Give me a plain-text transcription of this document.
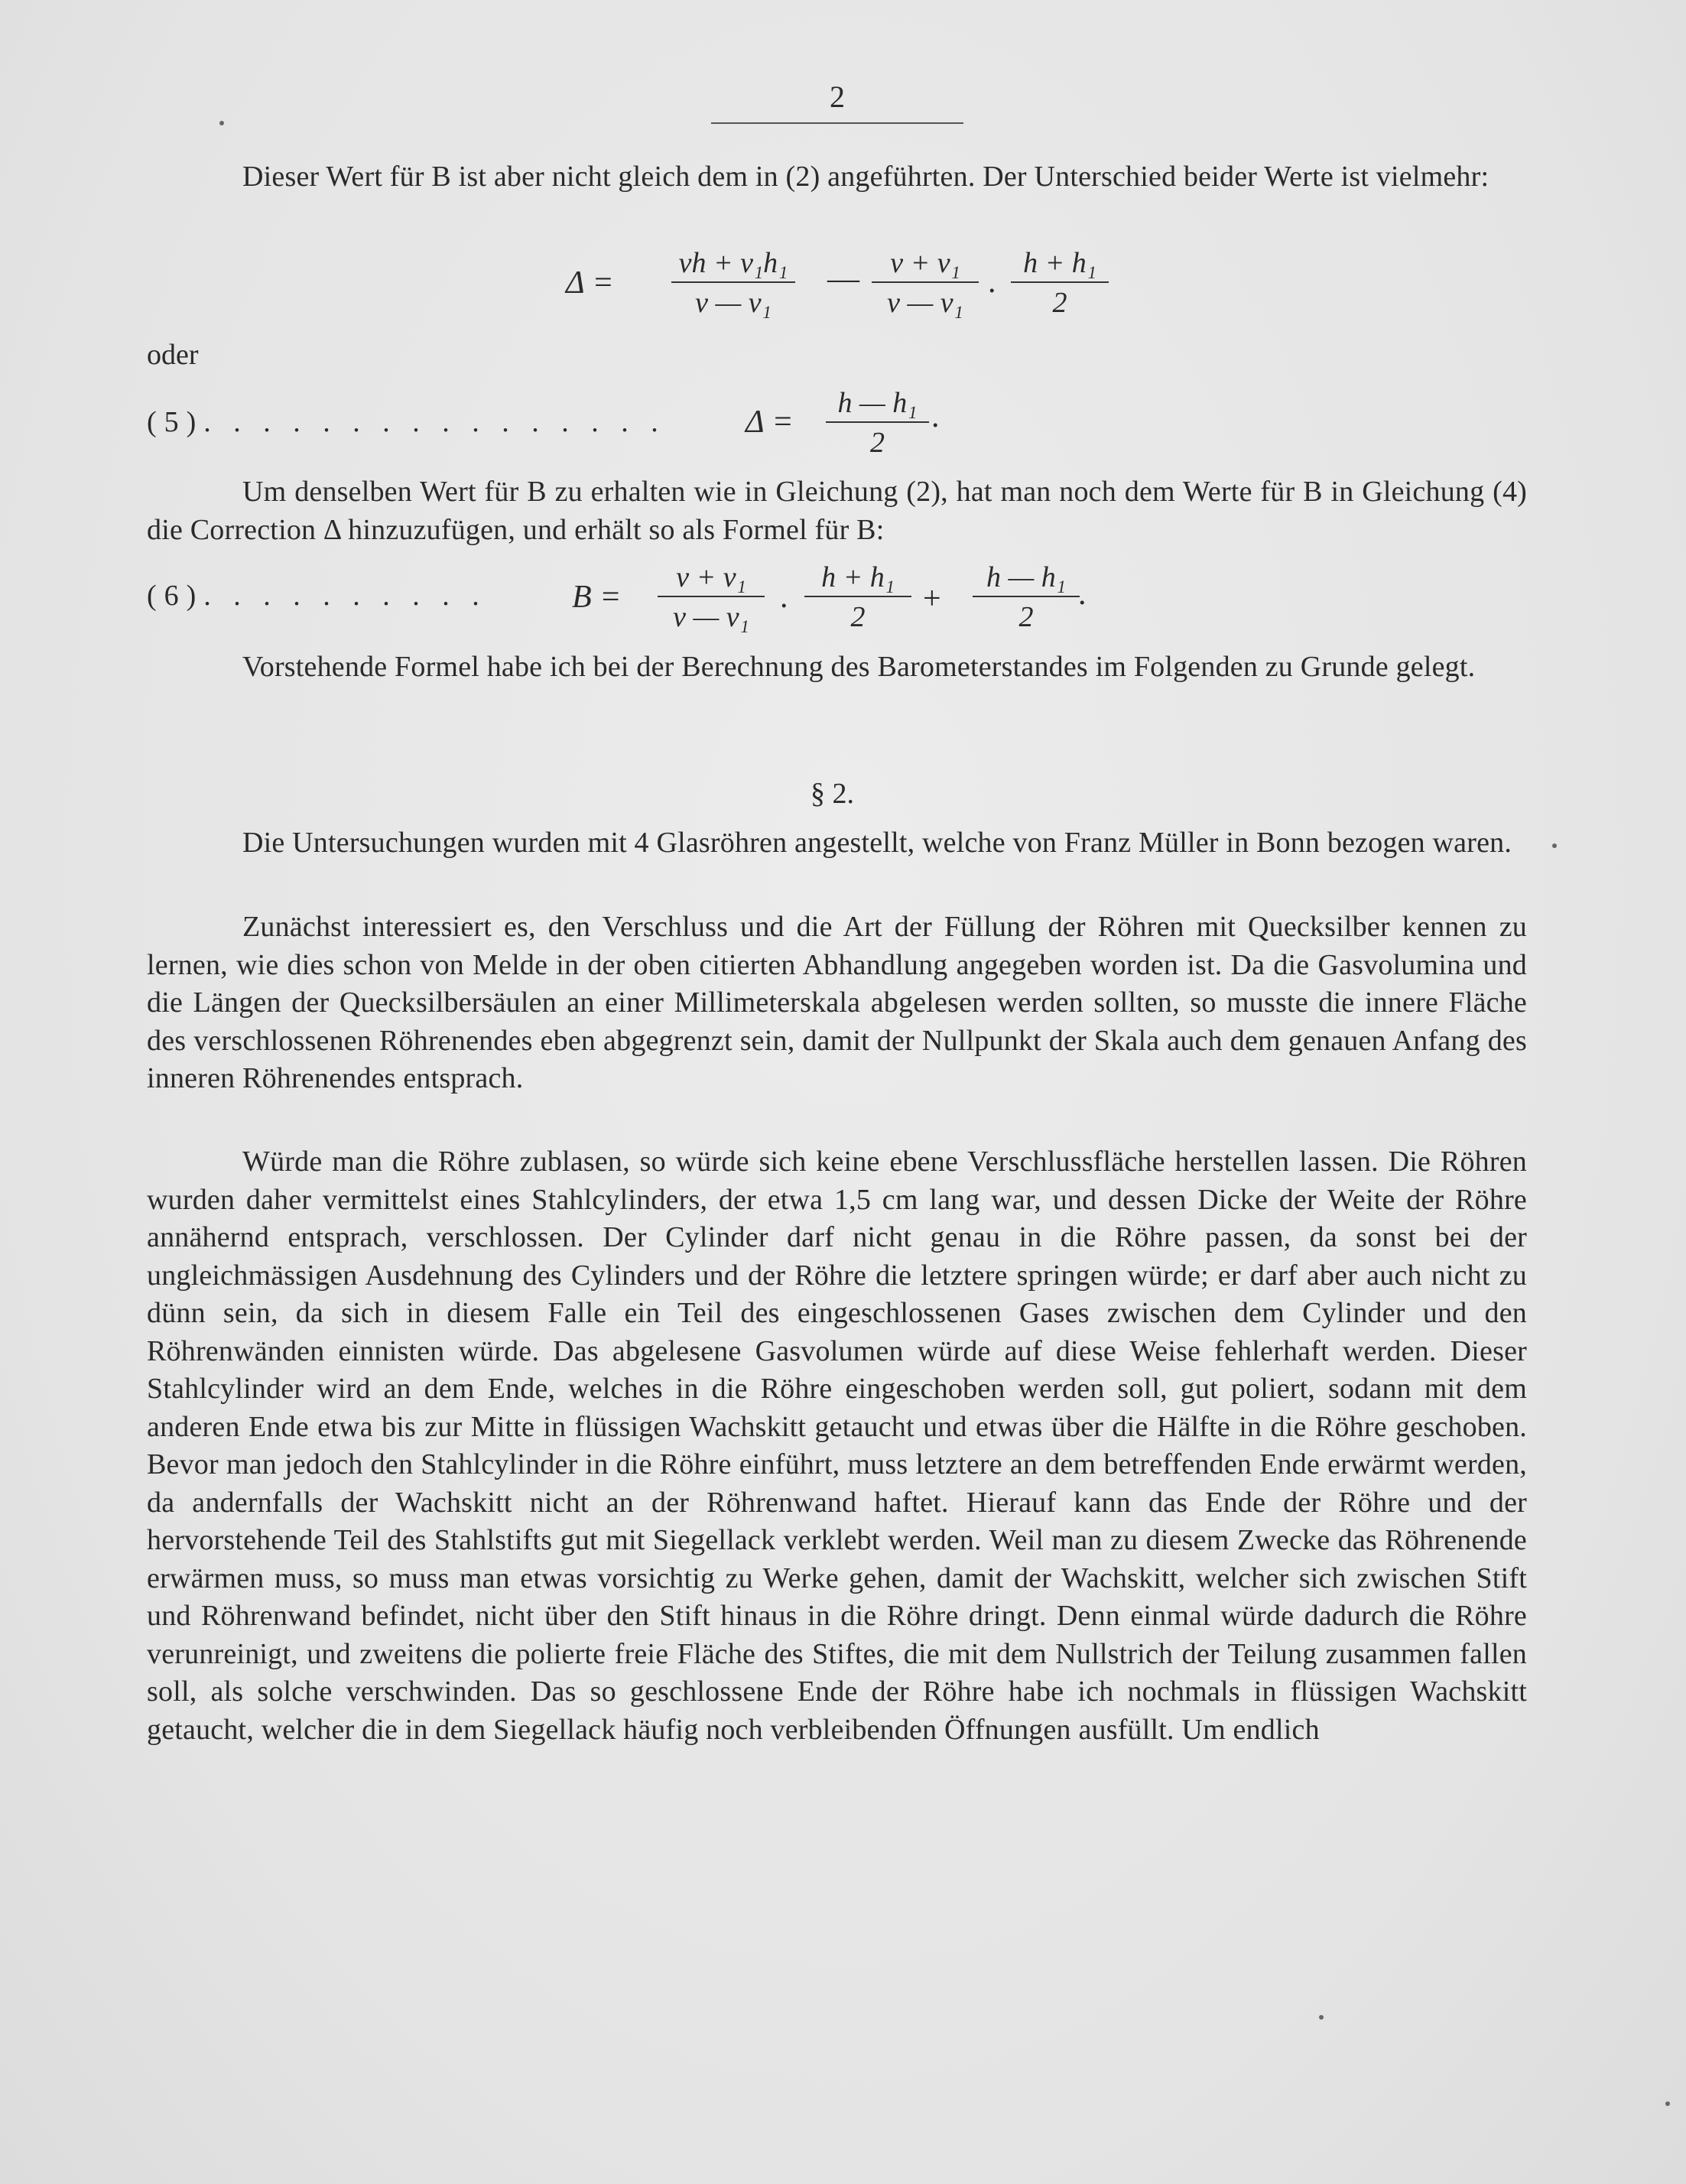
2
Dieser Wert für B ist aber nicht gleich dem in (2) angeführten. Der Unterschied beider Werte ist vielmehr:
Δ =
vh + v₁h₁
v — v₁
—	v + v₁
v — v₁
.
h + h₁
2
oder
(5). . . . . . . . . . . . . . . . Δ =
h — h₁
2
.
Um denselben Wert für B zu erhalten wie in Gleichung (2), hat man noch dem Werte für B in Gleichung (4) die Correction Δ hinzuzufügen, und erhält so als Formel für B:
(6). . . . . . . . . .	B =
v + v₁
v — v₁
.
h + h₁
2
+
h — h₁
2
.
Vorstehende Formel habe ich bei der Berechnung des Barometerstandes im Folgenden zu Grunde gelegt.
§ 2.
Die Untersuchungen wurden mit 4 Glasröhren angestellt, welche von Franz Müller in Bonn bezogen waren.
Zunächst interessiert es, den Verschluss und die Art der Füllung der Röhren mit Quecksilber kennen zu lernen, wie dies schon von Melde in der oben citierten Abhandlung angegeben worden ist. Da die Gasvolumina und die Längen der Quecksilbersäulen an einer Millimeterskala abgelesen werden sollten, so musste die innere Fläche des verschlossenen Röhrenendes eben abgegrenzt sein, damit der Nullpunkt der Skala auch dem genauen Anfang des inneren Röhrenendes entsprach.
Würde man die Röhre zublasen, so würde sich keine ebene Verschlussfläche herstellen lassen. Die Röhren wurden daher vermittelst eines Stahlcylinders, der etwa 1,5 cm lang war, und dessen Dicke der Weite der Röhre annähernd entsprach, verschlossen. Der Cylinder darf nicht genau in die Röhre passen, da sonst bei der ungleichmässigen Ausdehnung des Cylinders und der Röhre die letztere springen würde; er darf aber auch nicht zu dünn sein, da sich in diesem Falle ein Teil des eingeschlossenen Gases zwischen dem Cylinder und den Röhrenwänden einnisten würde. Das abgelesene Gasvolumen würde auf diese Weise fehlerhaft werden. Dieser Stahlcylinder wird an dem Ende, welches in die Röhre eingeschoben werden soll, gut poliert, sodann mit dem anderen Ende etwa bis zur Mitte in flüssigen Wachskitt getaucht und etwas über die Hälfte in die Röhre geschoben. Bevor man jedoch den Stahlcylinder in die Röhre einführt, muss letztere an dem betreffenden Ende erwärmt werden, da andernfalls der Wachskitt nicht an der Röhrenwand haftet. Hierauf kann das Ende der Röhre und der hervorstehende Teil des Stahlstifts gut mit Siegellack verklebt werden. Weil man zu diesem Zwecke das Röhrenende erwärmen muss, so muss man etwas vorsichtig zu Werke gehen, damit der Wachskitt, welcher sich zwischen Stift und Röhrenwand befindet, nicht über den Stift hinaus in die Röhre dringt. Denn einmal würde dadurch die Röhre verunreinigt, und zweitens die polierte freie Fläche des Stiftes, die mit dem Nullstrich der Teilung zusammen fallen soll, als solche verschwinden. Das so geschlossene Ende der Röhre habe ich nochmals in flüssigen Wachskitt getaucht, welcher die in dem Siegellack häufig noch verbleibenden Öffnungen ausfüllt. Um endlich
